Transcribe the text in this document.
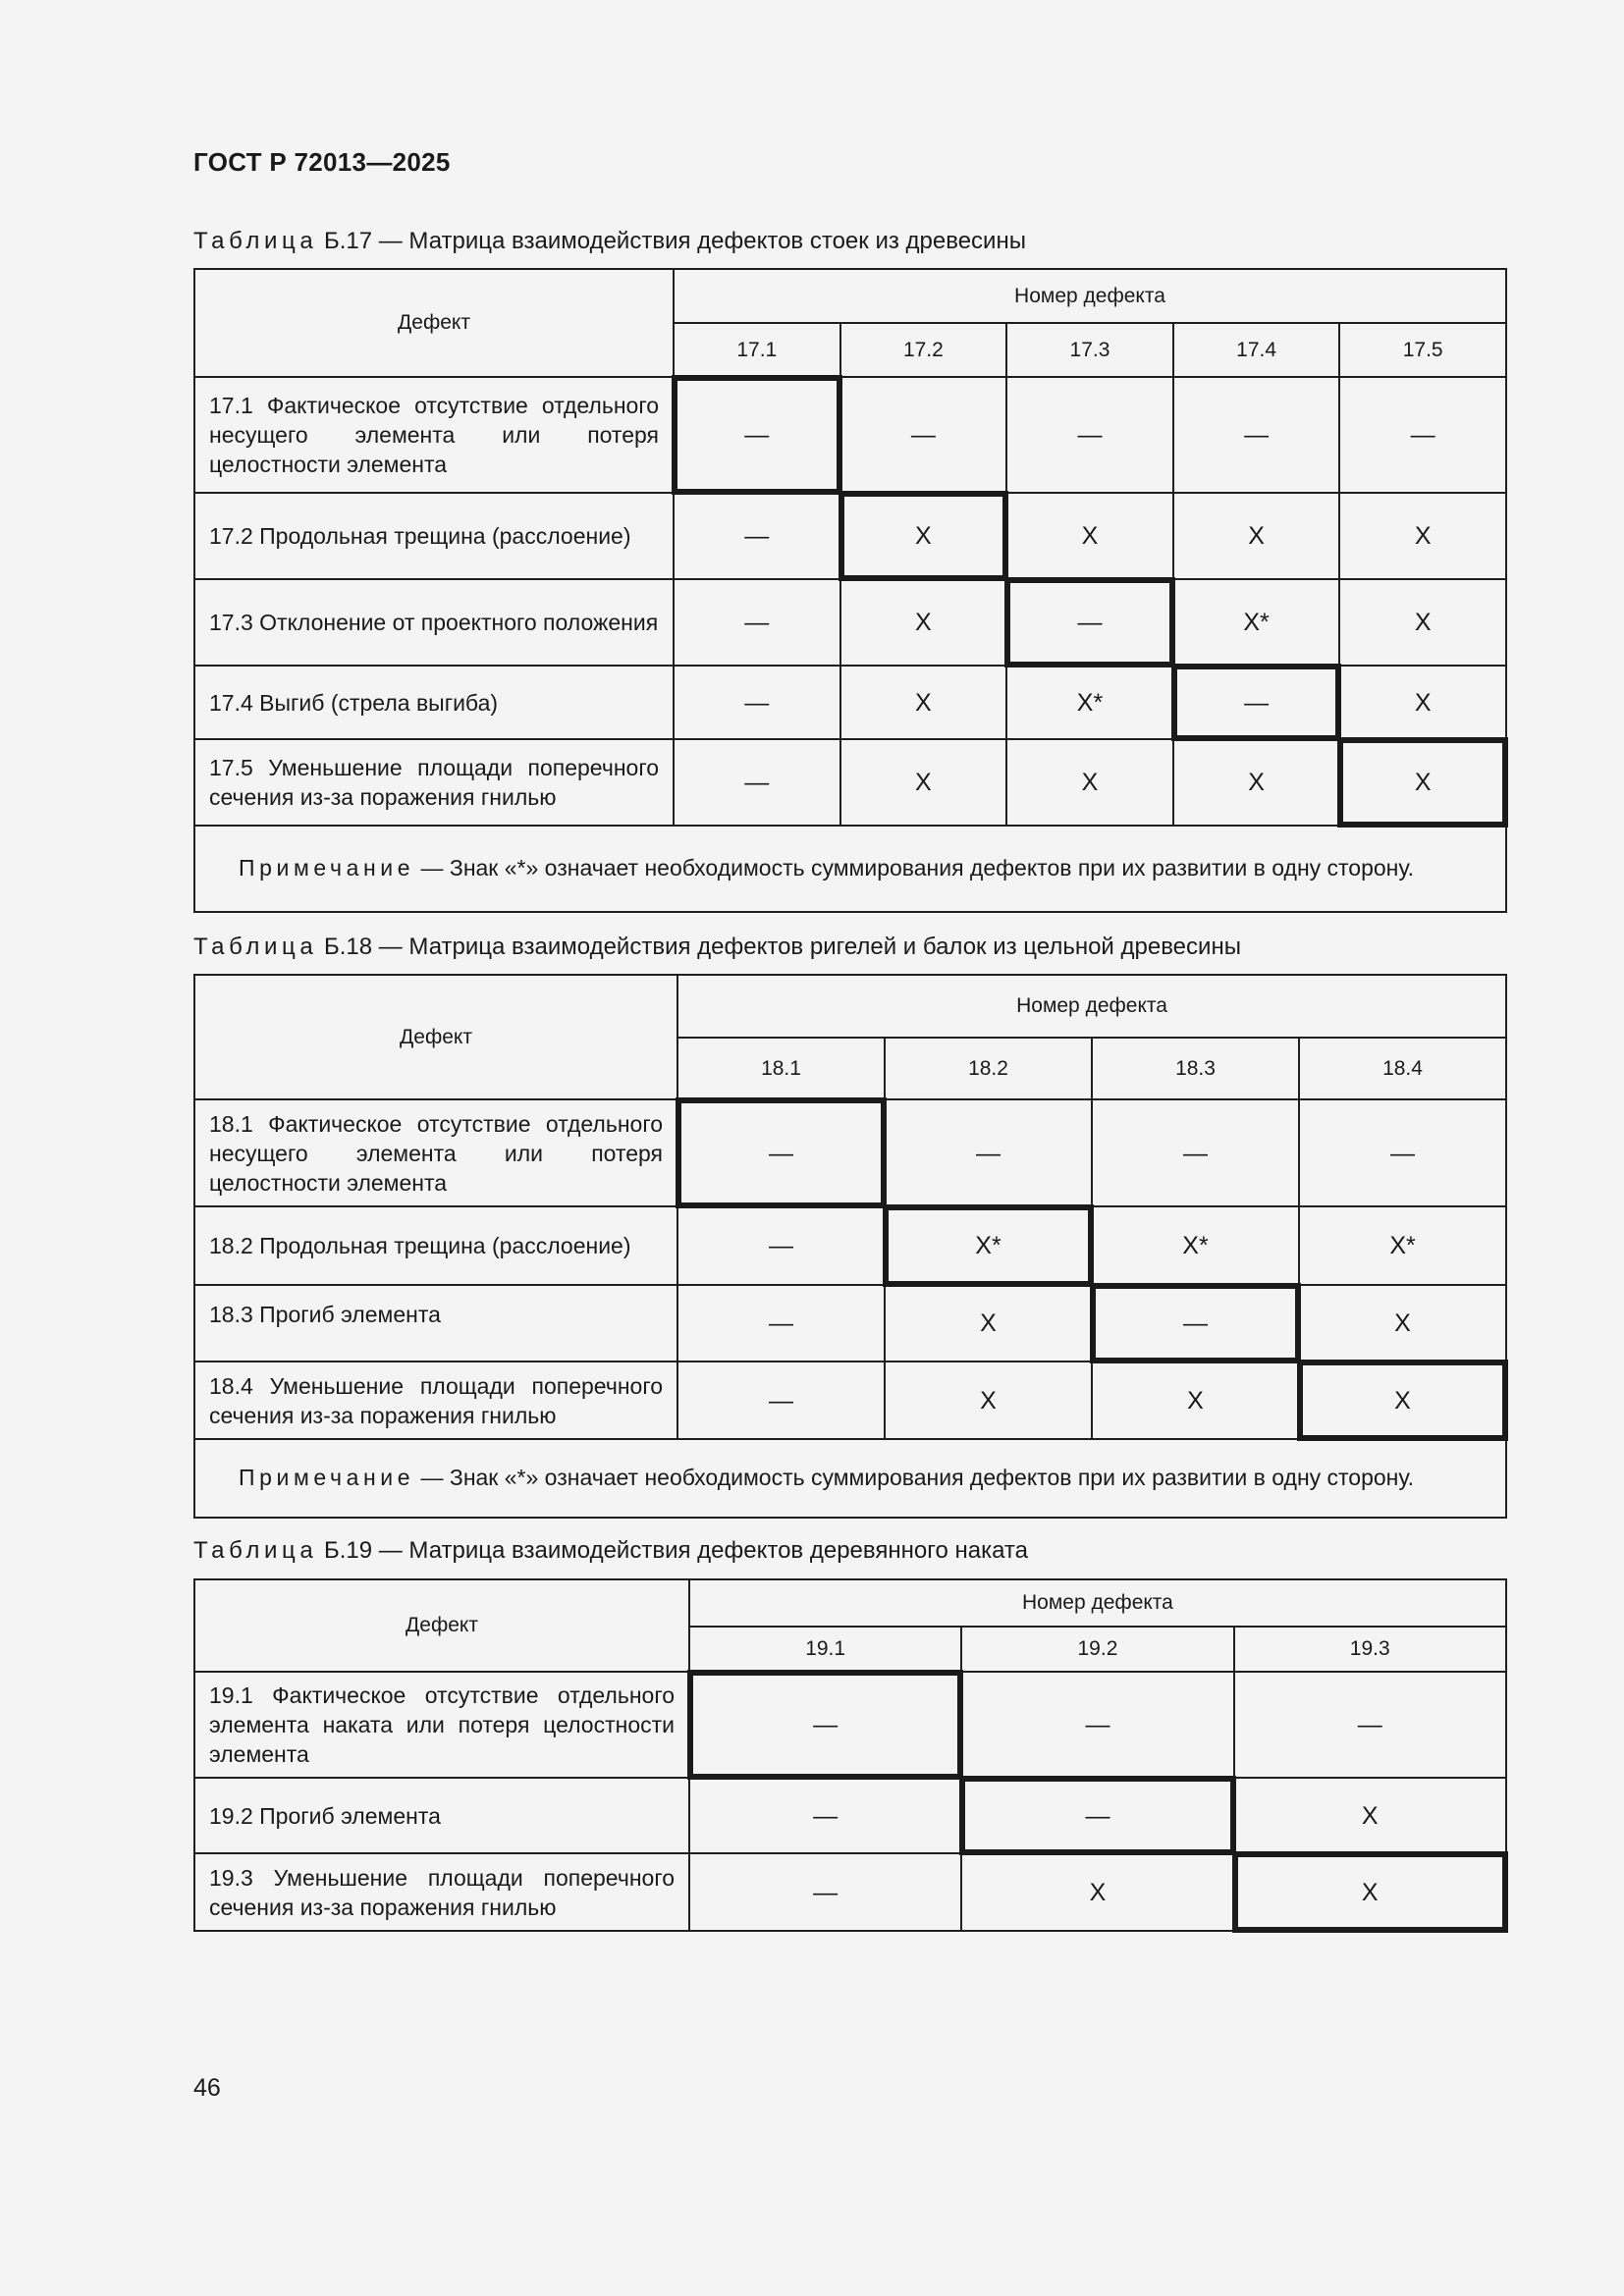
ГОСТ Р 72013—2025
Таблица Б.17 — Матрица взаимодействия дефектов стоек из древесины
Дефект	Номер дефекта				
	17.1	17.2	17.3	17.4	17.5
17.1 Фактическое отсутствие отдельного несущего элемента или потеря целостности элемента	—	—	—	—	—
17.2 Продольная трещина (расслоение)	—	X	X	X	X
17.3 Отклонение от проектного положения	—	X	—	X*	X
17.4 Выгиб (стрела выгиба)	—	X	X*	—	X
17.5 Уменьшение площади поперечного сечения из-за поражения гнилью	—	X	X	X	X
Примечание — Знак «*» означает необходимость суммирования дефектов при их развитии в одну сторону.					
Таблица Б.18 — Матрица взаимодействия дефектов ригелей и балок из цельной древесины
Дефект	Номер дефекта			
	18.1	18.2	18.3	18.4
18.1 Фактическое отсутствие отдельного несущего элемента или потеря целостности элемента	—	—	—	—
18.2 Продольная трещина (расслоение)	—	X*	X*	X*
18.3 Прогиб элемента	—	X	—	X
18.4 Уменьшение площади поперечного сечения из-за поражения гнилью	—	X	X	X
Примечание — Знак «*» означает необходимость суммирования дефектов при их развитии в одну сторону.				
Таблица Б.19 — Матрица взаимодействия дефектов деревянного наката
Дефект	Номер дефекта		
	19.1	19.2	19.3
19.1 Фактическое отсутствие отдельного элемента наката или потеря целостности элемента	—	—	—
19.2 Прогиб элемента	—	—	X
19.3 Уменьшение площади поперечного сечения из-за поражения гнилью	—	X	X
46
